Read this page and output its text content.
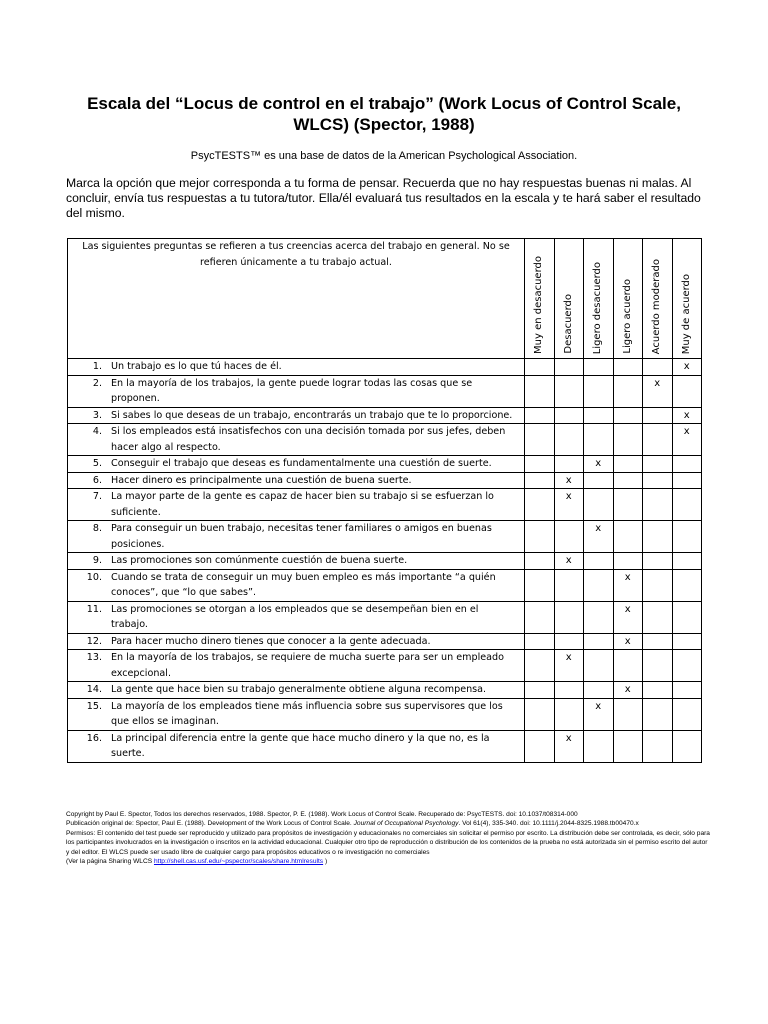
Escala del “Locus de control en el trabajo” (Work Locus of Control Scale, WLCS) (Spector, 1988)
PsycTESTS™ es una base de datos de la American Psychological Association.
Marca la opción que mejor corresponda a tu forma de pensar. Recuerda que no hay respuestas buenas ni malas. Al concluir, envía tus respuestas a tu tutora/tutor. Ella/él evaluará tus resultados en la escala y te hará saber el resultado del mismo.
Las siguientes preguntas se refieren a tus creencias acerca del trabajo en general. No se refieren únicamente a tu trabajo actual.	Muy en desacuerdo	Desacuerdo	Ligero desacuerdo	Ligero acuerdo	Acuerdo moderado	Muy de acuerdo

1. Un trabajo es lo que tú haces de él.						x

2. En la mayoría de los trabajos, la gente puede lograr todas las cosas que se proponen.					x	

3. Si sabes lo que deseas de un trabajo, encontrarás un trabajo que te lo proporcione.						x

4. Si los empleados está insatisfechos con una decisión tomada por sus jefes, deben hacer algo al respecto.						x

5. Conseguir el trabajo que deseas es fundamentalmente una cuestión de suerte.			x			

6. Hacer dinero es principalmente una cuestión de buena suerte.		x				

7. La mayor parte de la gente es capaz de hacer bien su trabajo si se esfuerzan lo suficiente.		x				

8. Para conseguir un buen trabajo, necesitas tener familiares o amigos en buenas posiciones.			x			

9. Las promociones son comúnmente cuestión de buena suerte.		x				

10. Cuando se trata de conseguir un muy buen empleo es más importante “a quién conoces”, que “lo que sabes”.				x		

11. Las promociones se otorgan a los empleados que se desempeñan bien en el trabajo.				x		

12. Para hacer mucho dinero tienes que conocer a la gente adecuada.				x		

13. En la mayoría de los trabajos, se requiere de mucha suerte para ser un empleado excepcional.		x				

14. La gente que hace bien su trabajo generalmente obtiene alguna recompensa.				x		

15. La mayoría de los empleados tiene más influencia sobre sus supervisores que los que ellos se imaginan.			x			

16. La principal diferencia entre la gente que hace mucho dinero y la que no, es la suerte.		x				
Copyright by Paul E. Spector, Todos los derechos reservados, 1988. Spector, P. E. (1988). Work Locus of Control Scale. Recuperado de: PsycTESTS. doi: 10.1037/t08314-000
Publicación original de: Spector, Paul E. (1988). Development of the Work Locus of Control Scale. Journal of Occupational Psychology. Vol 61(4), 335-340. doi: 10.1111/j.2044-8325.1988.tb00470.x
Permisos: El contenido del test puede ser reproducido y utilizado para propósitos de investigación y educacionales no comerciales sin solicitar el permiso por escrito. La distribución debe ser controlada, es decir, sólo para los participantes involucrados en la investigación o inscritos en la actividad educacional. Cualquier otro tipo de reproducción o distribución de los contenidos de la prueba no está autorizada sin el permiso escrito del autor y del editor. El WLCS puede ser usado libre de cualquier cargo para propósitos educativos o re investigación no comerciales
(Ver la página Sharing WLCS http://shell.cas.usf.edu/~pspector/scales/share.htmlresults )
